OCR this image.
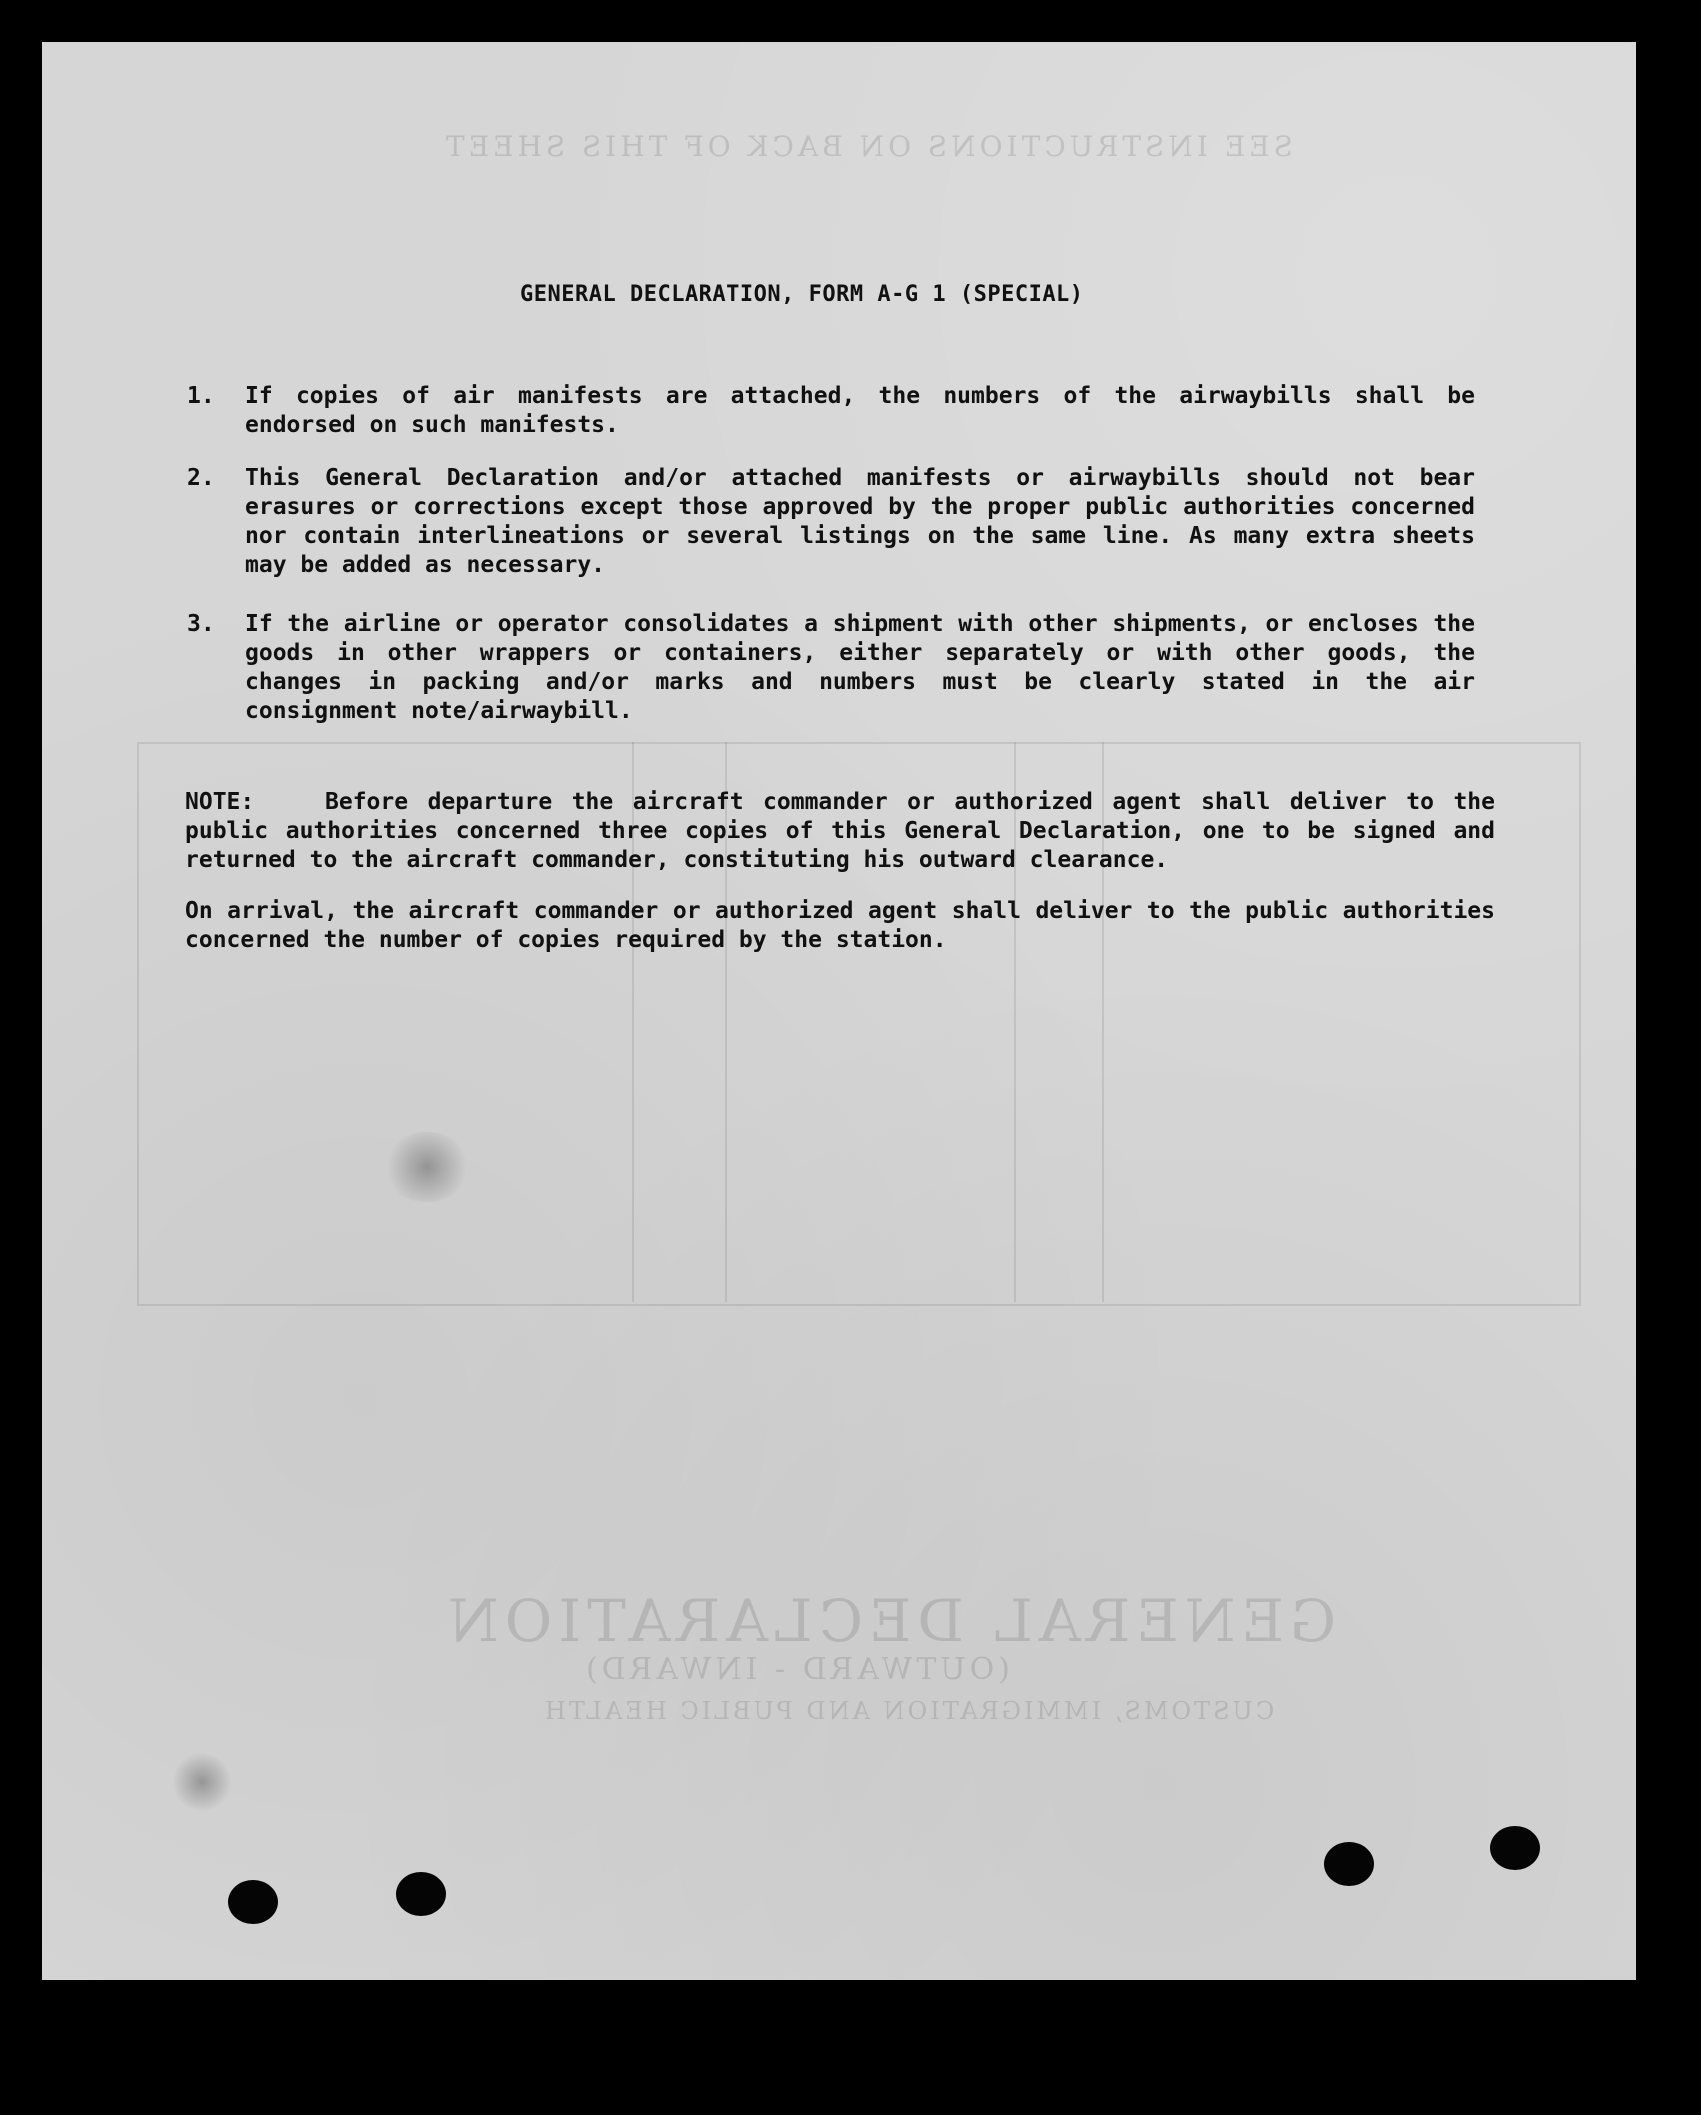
GENERAL DECLARATION
(OUTWARD - INWARD)
CUSTOMS, IMMIGRATION AND PUBLIC HEALTH
SEE INSTRUCTIONS ON BACK OF THIS SHEET
GENERAL DECLARATION, FORM A-G 1 (SPECIAL)
1. If copies of air manifests are attached, the numbers of the airwaybills shall be endorsed on such manifests.
2. This General Declaration and/or attached manifests or airwaybills should not bear erasures or corrections except those approved by the proper public authorities concerned nor contain interlineations or several listings on the same line. As many extra sheets may be added as necessary.
3. If the airline or operator consolidates a shipment with other shipments, or encloses the goods in other wrappers or containers, either separately or with other goods, the changes in packing and/or marks and numbers must be clearly stated in the air consignment note/airwaybill.

NOTE:	Before departure the aircraft commander or authorized agent shall deliver to the public authorities concerned three copies of this General Declaration, one to be signed and returned to the aircraft commander, constituting his outward clearance.

On arrival, the aircraft commander or authorized agent shall deliver to the public authorities concerned the number of copies required by the station.
